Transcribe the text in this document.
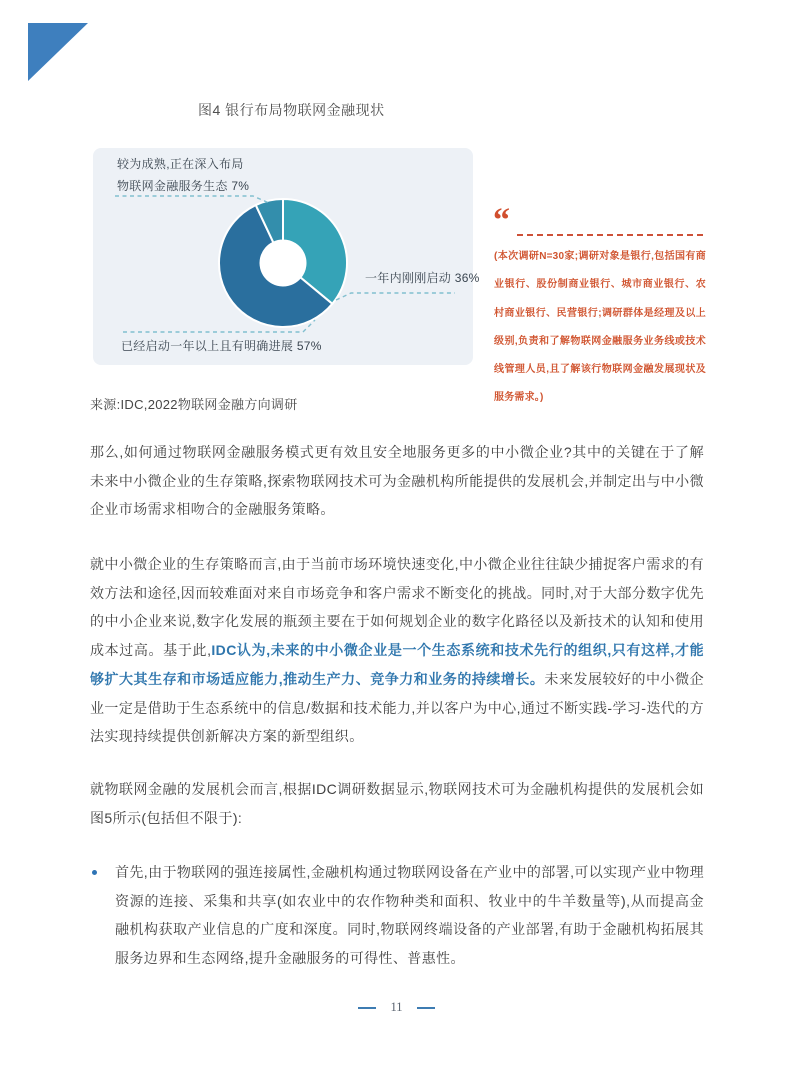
图4 银行布局物联网金融现状
较为成熟,正在深入布局
物联网金融服务生态 7%
一年内刚刚启动 36%
已经启动一年以上且有明确进展 57%
“
(本次调研N=30家;调研对象是银行,包括国有商业银行、股份制商业银行、城市商业银行、农村商业银行、民营银行;调研群体是经理及以上级别,负责和了解物联网金融服务业务线或技术线管理人员,且了解该行物联网金融发展现状及服务需求。)
来源:IDC,2022物联网金融方向调研

那么,如何通过物联网金融服务模式更有效且安全地服务更多的中小微企业?其中的关键在于了解未来中小微企业的生存策略,探索物联网技术可为金融机构所能提供的发展机会,并制定出与中小微企业市场需求相吻合的金融服务策略。

就中小微企业的生存策略而言,由于当前市场环境快速变化,中小微企业往往缺少捕捉客户需求的有效方法和途径,因而较难面对来自市场竞争和客户需求不断变化的挑战。同时,对于大部分数字优先的中小企业来说,数字化发展的瓶颈主要在于如何规划企业的数字化路径以及新技术的认知和使用成本过高。基于此,IDC认为,未来的中小微企业是一个生态系统和技术先行的组织,只有这样,才能够扩大其生存和市场适应能力,推动生产力、竞争力和业务的持续增长。未来发展较好的中小微企业一定是借助于生态系统中的信息/数据和技术能力,并以客户为中心,通过不断实践-学习-迭代的方法实现持续提供创新解决方案的新型组织。

就物联网金融的发展机会而言,根据IDC调研数据显示,物联网技术可为金融机构提供的发展机会如图5所示(包括但不限于):

首先,由于物联网的强连接属性,金融机构通过物联网设备在产业中的部署,可以实现产业中物理资源的连接、采集和共享(如农业中的农作物种类和面积、牧业中的牛羊数量等),从而提高金融机构获取产业信息的广度和深度。同时,物联网终端设备的产业部署,有助于金融机构拓展其服务边界和生态网络,提升金融服务的可得性、普惠性。

11
